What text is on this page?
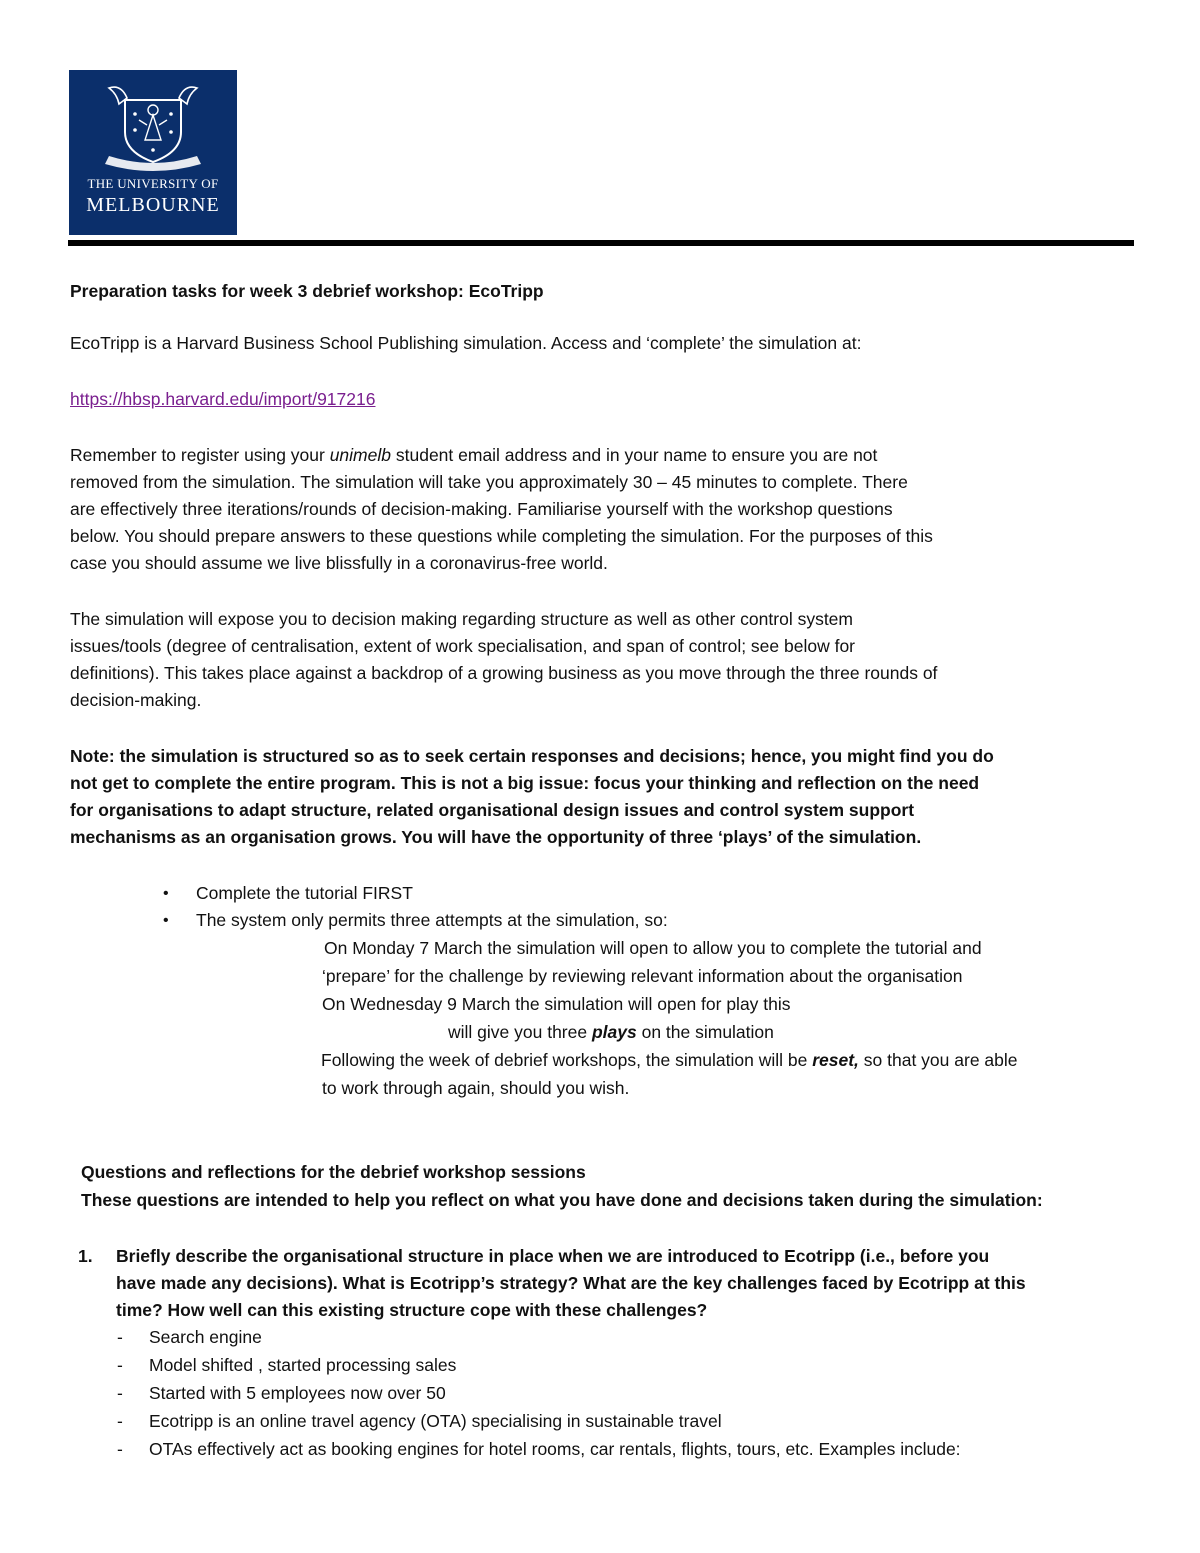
THE UNIVERSITY OF
MELBOURNE
Preparation tasks for week 3 debrief workshop: EcoTripp
EcoTripp is a Harvard Business School Publishing simulation. Access and ‘complete’ the simulation at:
https://hbsp.harvard.edu/import/917216
Remember to register using your unimelb student email address and in your name to ensure you are not
removed from the simulation. The simulation will take you approximately 30 – 45 minutes to complete. There
are effectively three iterations/rounds of decision-making. Familiarise yourself with the workshop questions
below. You should prepare answers to these questions while completing the simulation. For the purposes of this
case you should assume we live blissfully in a coronavirus-free world.
The simulation will expose you to decision making regarding structure as well as other control system
issues/tools (degree of centralisation, extent of work specialisation, and span of control; see below for
definitions). This takes place against a backdrop of a growing business as you move through the three rounds of
decision-making.
Note: the simulation is structured so as to seek certain responses and decisions; hence, you might find you do
not get to complete the entire program. This is not a big issue: focus your thinking and reflection on the need
for organisations to adapt structure, related organisational design issues and control system support
mechanisms as an organisation grows. You will have the opportunity of three ‘plays’ of the simulation.
• Complete the tutorial FIRST
• The system only permits three attempts at the simulation, so:
On Monday 7 March the simulation will open to allow you to complete the tutorial and
‘prepare’ for the challenge by reviewing relevant information about the organisation
On Wednesday 9 March the simulation will open for play this
will give you three plays on the simulation
Following the week of debrief workshops, the simulation will be reset, so that you are able
to work through again, should you wish.
Questions and reflections for the debrief workshop sessions
These questions are intended to help you reflect on what you have done and decisions taken during the simulation:
1. Briefly describe the organisational structure in place when we are introduced to Ecotripp (i.e., before you
have made any decisions). What is Ecotripp’s strategy? What are the key challenges faced by Ecotripp at this
time? How well can this existing structure cope with these challenges?
- Search engine
- Model shifted , started processing sales
- Started with 5 employees now over 50
- Ecotripp is an online travel agency (OTA) specialising in sustainable travel
- OTAs effectively act as booking engines for hotel rooms, car rentals, flights, tours, etc. Examples include:
